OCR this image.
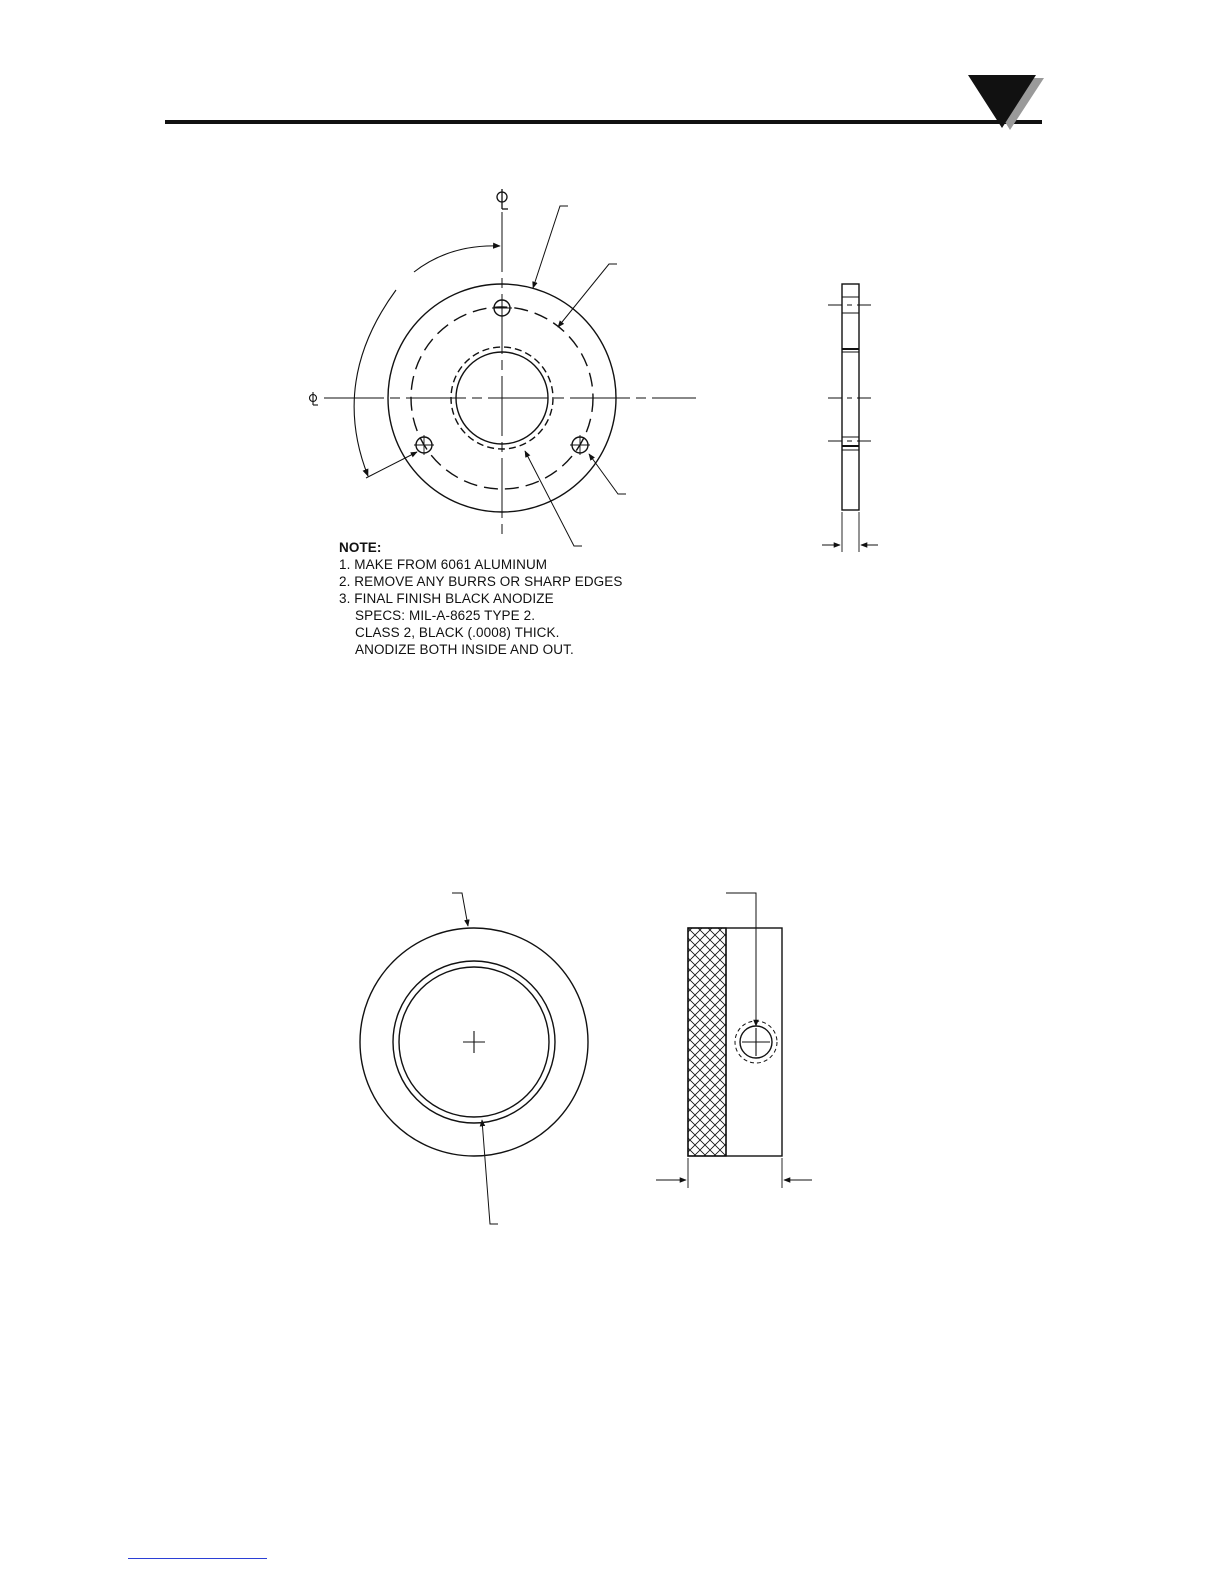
NOTE:
1. MAKE FROM 6061 ALUMINUM
2. REMOVE ANY BURRS OR SHARP EDGES
3. FINAL FINISH BLACK ANODIZE
SPECS: MIL-A-8625 TYPE 2.
CLASS 2, BLACK (.0008) THICK.
ANODIZE BOTH INSIDE AND OUT.
